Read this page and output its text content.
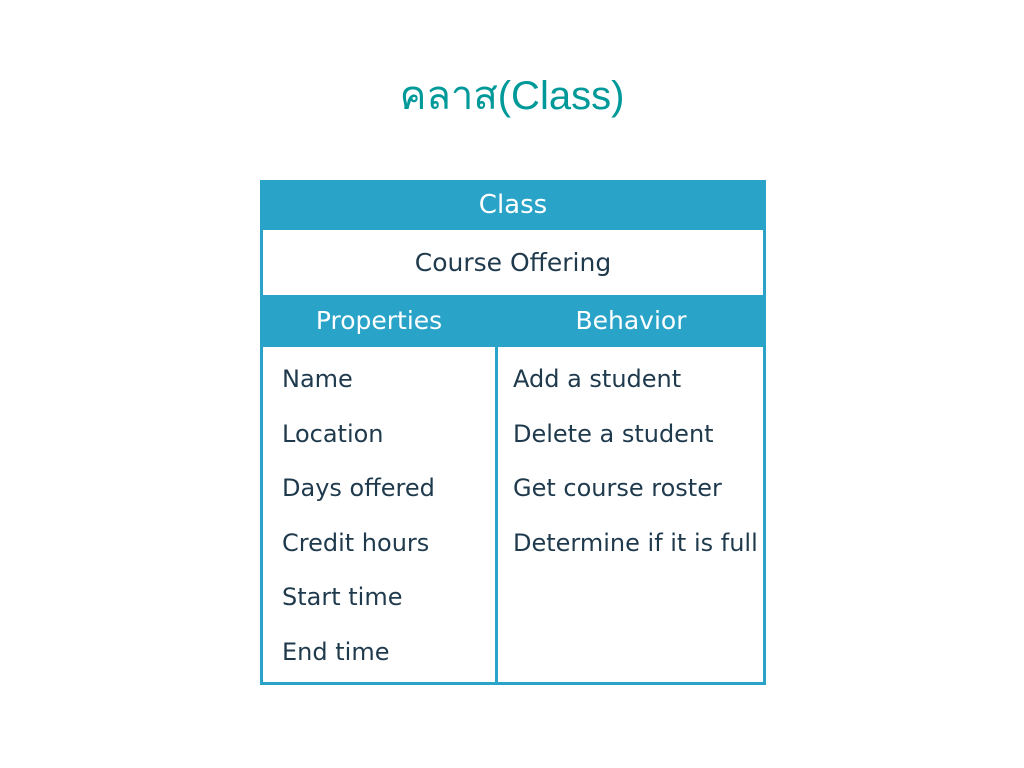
คลาส(Class)
Class
Course Offering
Properties	Behavior
Name
Location
Days offered
Credit hours
Start time
End time
Add a student
Delete a student
Get course roster
Determine if it is full
